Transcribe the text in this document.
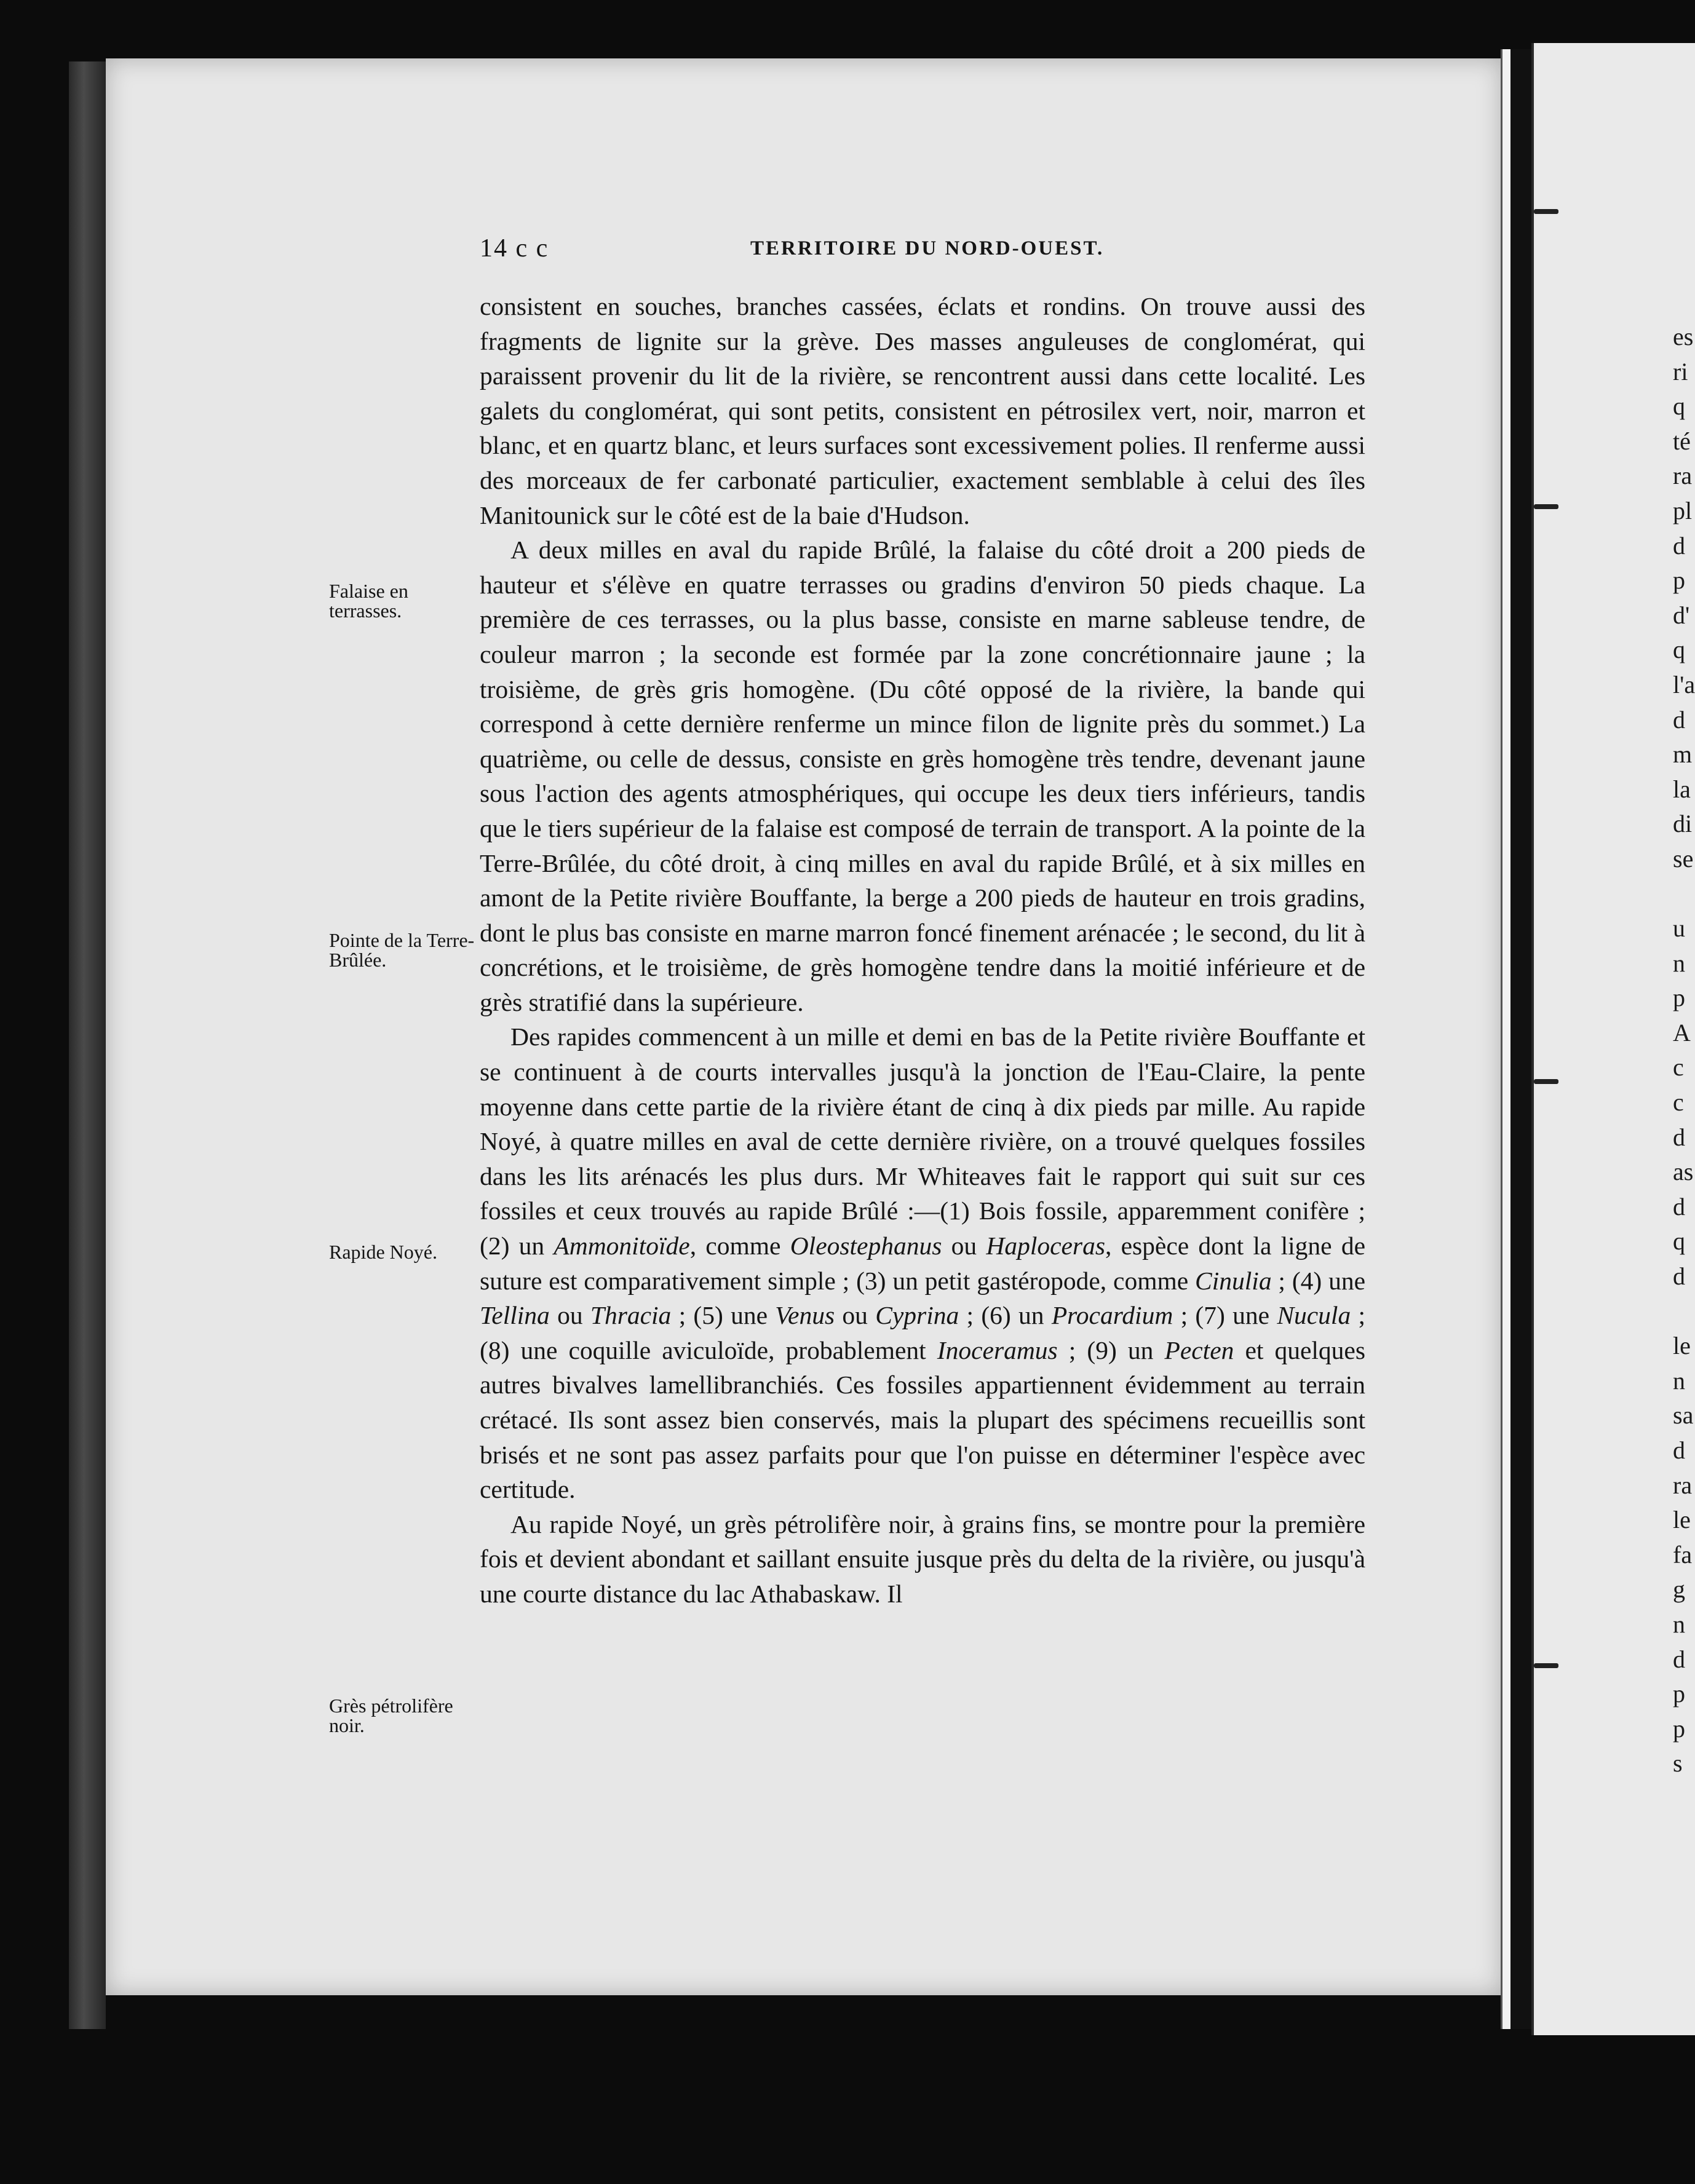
es
ri
q
té
ra
pl
d
p
d'
q
l'a
d
m
la
di
se
u
n
p
A
c
c
d
as
d
q
d
le
n
sa
d
ra
le
fa
g
n
d
p
p
s
14 c c	TERRITOIRE DU NORD-OUEST.
Falaise en terrasses.
Pointe de la Terre-Brûlée.
Rapide Noyé.
Grès pétrolifère noir.

consistent en souches, branches cassées, éclats et rondins. On trouve aussi des fragments de lignite sur la grève. Des masses anguleuses de conglomérat, qui paraissent provenir du lit de la rivière, se rencontrent aussi dans cette localité. Les galets du conglomérat, qui sont petits, consistent en pétrosilex vert, noir, marron et blanc, et en quartz blanc, et leurs surfaces sont excessivement polies. Il renferme aussi des morceaux de fer carbonaté particulier, exactement semblable à celui des îles Manitounick sur le côté est de la baie d'Hudson.

A deux milles en aval du rapide Brûlé, la falaise du côté droit a 200 pieds de hauteur et s'élève en quatre terrasses ou gradins d'environ 50 pieds chaque. La première de ces terrasses, ou la plus basse, consiste en marne sableuse tendre, de couleur marron ; la seconde est formée par la zone concrétionnaire jaune ; la troisième, de grès gris homogène. (Du côté opposé de la rivière, la bande qui correspond à cette dernière renferme un mince filon de lignite près du sommet.) La quatrième, ou celle de dessus, consiste en grès homogène très tendre, devenant jaune sous l'action des agents atmosphériques, qui occupe les deux tiers inférieurs, tandis que le tiers supérieur de la falaise est composé de terrain de transport. A la pointe de la Terre-Brûlée, du côté droit, à cinq milles en aval du rapide Brûlé, et à six milles en amont de la Petite rivière Bouffante, la berge a 200 pieds de hauteur en trois gradins, dont le plus bas consiste en marne marron foncé finement arénacée ; le second, du lit à concrétions, et le troisième, de grès homogène tendre dans la moitié inférieure et de grès stratifié dans la supérieure.

Des rapides commencent à un mille et demi en bas de la Petite rivière Bouffante et se continuent à de courts intervalles jusqu'à la jonction de l'Eau-Claire, la pente moyenne dans cette partie de la rivière étant de cinq à dix pieds par mille. Au rapide Noyé, à quatre milles en aval de cette dernière rivière, on a trouvé quelques fossiles dans les lits arénacés les plus durs. Mr Whiteaves fait le rapport qui suit sur ces fossiles et ceux trouvés au rapide Brûlé :—(1) Bois fossile, apparemment conifère ; (2) un Ammonitoïde, comme Oleostephanus ou Haploceras, espèce dont la ligne de suture est comparativement simple ; (3) un petit gastéropode, comme Cinulia ; (4) une Tellina ou Thracia ; (5) une Venus ou Cyprina ; (6) un Procardium ; (7) une Nucula ; (8) une coquille aviculoïde, probablement Inoceramus ; (9) un Pecten et quelques autres bivalves lamellibranchiés. Ces fossiles appartiennent évidemment au terrain crétacé. Ils sont assez bien conservés, mais la plupart des spécimens recueillis sont brisés et ne sont pas assez parfaits pour que l'on puisse en déterminer l'espèce avec certitude.

Au rapide Noyé, un grès pétrolifère noir, à grains fins, se montre pour la première fois et devient abondant et saillant ensuite jusque près du delta de la rivière, ou jusqu'à une courte distance du lac Athabaskaw. Il
